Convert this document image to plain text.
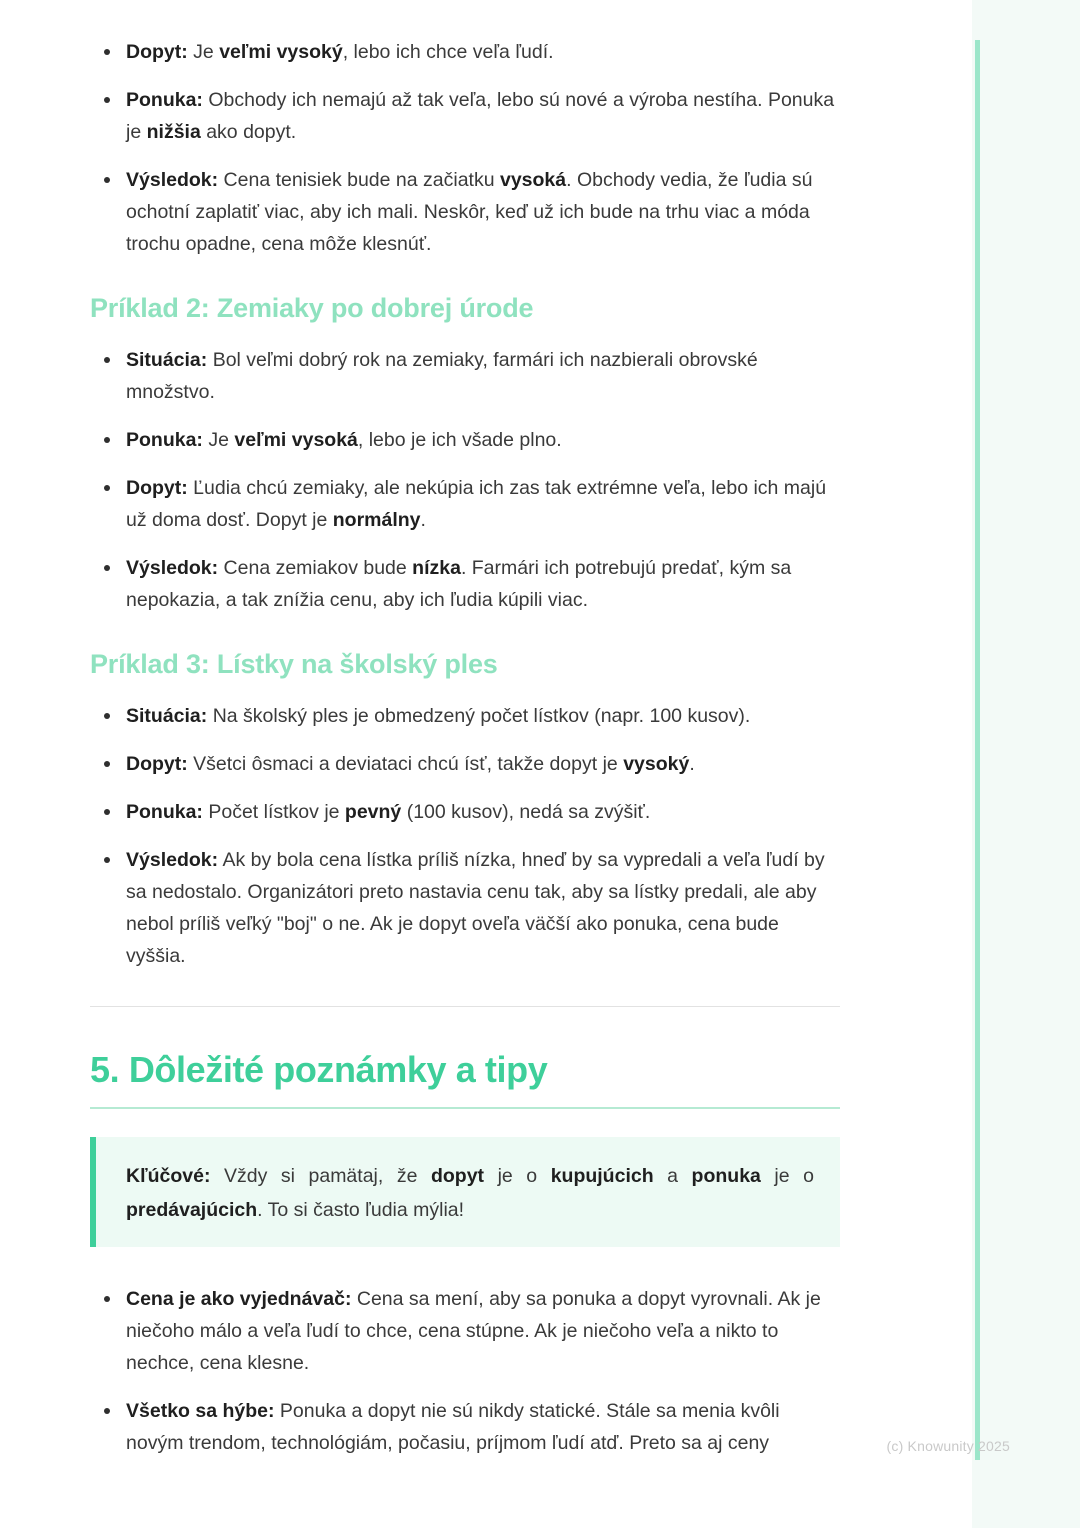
Dopyt: Je veľmi vysoký, lebo ich chce veľa ľudí.
Ponuka: Obchody ich nemajú až tak veľa, lebo sú nové a výroba nestíha. Ponuka je nižšia ako dopyt.
Výsledok: Cena tenisiek bude na začiatku vysoká. Obchody vedia, že ľudia sú ochotní zaplatiť viac, aby ich mali. Neskôr, keď už ich bude na trhu viac a móda trochu opadne, cena môže klesnúť.
Príklad 2: Zemiaky po dobrej úrode
Situácia: Bol veľmi dobrý rok na zemiaky, farmári ich nazbierali obrovské množstvo.
Ponuka: Je veľmi vysoká, lebo je ich všade plno.
Dopyt: Ľudia chcú zemiaky, ale nekúpia ich zas tak extrémne veľa, lebo ich majú už doma dosť. Dopyt je normálny.
Výsledok: Cena zemiakov bude nízka. Farmári ich potrebujú predať, kým sa nepokazia, a tak znížia cenu, aby ich ľudia kúpili viac.
Príklad 3: Lístky na školský ples
Situácia: Na školský ples je obmedzený počet lístkov (napr. 100 kusov).
Dopyt: Všetci ôsmaci a deviataci chcú ísť, takže dopyt je vysoký.
Ponuka: Počet lístkov je pevný (100 kusov), nedá sa zvýšiť.
Výsledok: Ak by bola cena lístka príliš nízka, hneď by sa vypredali a veľa ľudí by sa nedostalo. Organizátori preto nastavia cenu tak, aby sa lístky predali, ale aby nebol príliš veľký "boj" o ne. Ak je dopyt oveľa väčší ako ponuka, cena bude vyššia.
5. Dôležité poznámky a tipy

Kľúčové: Vždy si pamätaj, že dopyt je o kupujúcich a ponuka je o predávajúcich. To si často ľudia mýlia!

Cena je ako vyjednávač: Cena sa mení, aby sa ponuka a dopyt vyrovnali. Ak je niečoho málo a veľa ľudí to chce, cena stúpne. Ak je niečoho veľa a nikto to nechce, cena klesne.
Všetko sa hýbe: Ponuka a dopyt nie sú nikdy statické. Stále sa menia kvôli novým trendom, technológiám, počasiu, príjmom ľudí atď. Preto sa aj ceny	(c) Knowunity 2025
